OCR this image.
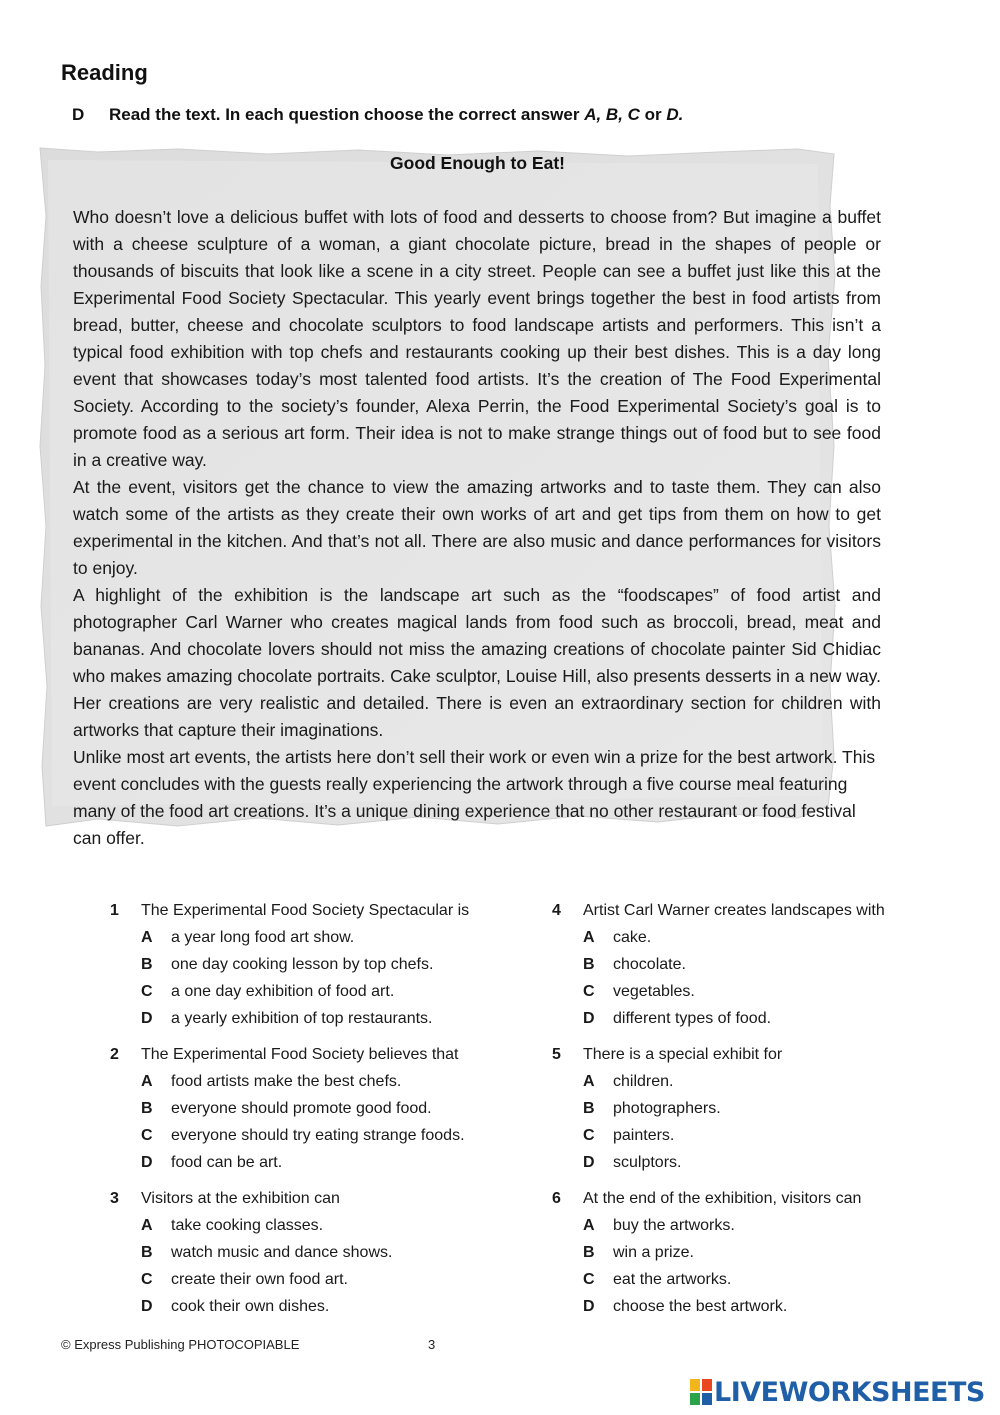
Reading
D Read the text. In each question choose the correct answer A, B, C or D.
Good Enough to Eat!

Who doesn’t love a delicious buffet with lots of food and desserts to choose from? But imagine a buffet with a cheese sculpture of a woman, a giant chocolate picture, bread in the shapes of people or thousands of biscuits that look like a scene in a city street. People can see a buffet just like this at the Experimental Food Society Spectacular. This yearly event brings together the best in food artists from bread, butter, cheese and chocolate sculptors to food landscape artists and performers. This isn’t a typical food exhibition with top chefs and restaurants cooking up their best dishes. This is a day long event that showcases today’s most talented food artists. It’s the creation of The Food Experimental Society. According to the society’s founder, Alexa Perrin, the Food Experimental Society’s goal is to promote food as a serious art form. Their idea is not to make strange things out of food but to see food in a creative way.

At the event, visitors get the chance to view the amazing artworks and to taste them. They can also watch some of the artists as they create their own works of art and get tips from them on how to get experimental in the kitchen. And that’s not all. There are also music and dance performances for visitors to enjoy.

A highlight of the exhibition is the landscape art such as the “foodscapes” of food artist and photographer Carl Warner who creates magical lands from food such as broccoli, bread, meat and bananas. And chocolate lovers should not miss the amazing creations of chocolate painter Sid Chidiac who makes amazing chocolate portraits. Cake sculptor, Louise Hill, also presents desserts in a new way. Her creations are very realistic and detailed. There is even an extraordinary section for children with artworks that capture their imaginations.

Unlike most art events, the artists here don’t sell their work or even win a prize for the best artwork. This event concludes with the guests really experiencing the artwork through a five course meal featuring many of the food art creations. It’s a unique dining experience that no other restaurant or food festival can offer.

1 The Experimental Food Society Spectacular is
A a year long food art show.
B one day cooking lesson by top chefs.
C a one day exhibition of food art.
D a yearly exhibition of top restaurants.
2 The Experimental Food Society believes that
A food artists make the best chefs.
B everyone should promote good food.
C everyone should try eating strange foods.
D food can be art.
3 Visitors at the exhibition can
A take cooking classes.
B watch music and dance shows.
C create their own food art.
D cook their own dishes.
4 Artist Carl Warner creates landscapes with
A cake.
B chocolate.
C vegetables.
D different types of food.
5 There is a special exhibit for
A children.
B photographers.
C painters.
D sculptors.
6 At the end of the exhibition, visitors can
A buy the artworks.
B win a prize.
C eat the artworks.
D choose the best artwork.
© Express Publishing PHOTOCOPIABLE	3
LIVEWORKSHEETS
